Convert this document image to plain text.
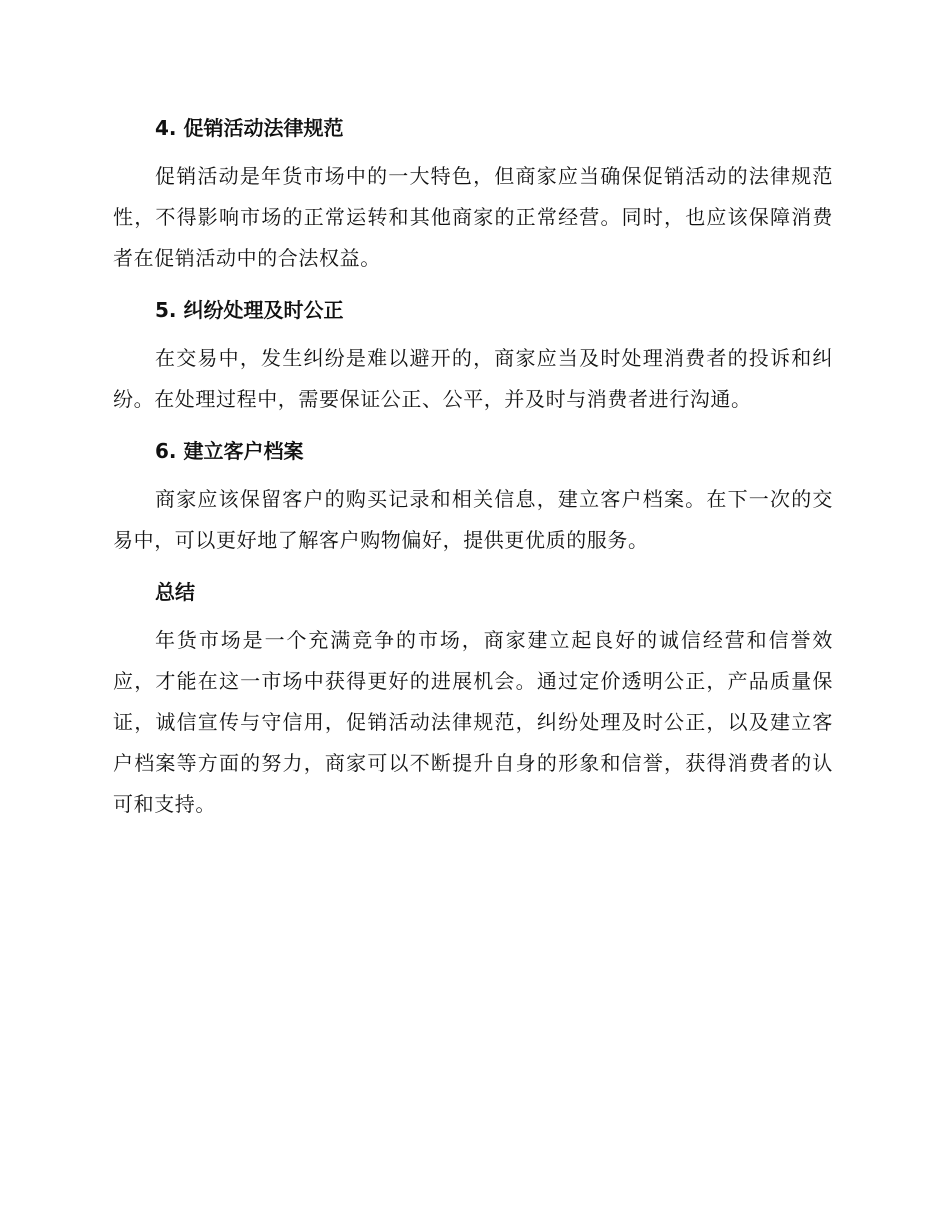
4. 促销活动法律规范

促销活动是年货市场中的一大特色，但商家应当确保促销活动的法律规范性，不得影响市场的正常运转和其他商家的正常经营。同时，也应该保障消费者在促销活动中的合法权益。

5. 纠纷处理及时公正

在交易中，发生纠纷是难以避开的，商家应当及时处理消费者的投诉和纠纷。在处理过程中，需要保证公正、公平，并及时与消费者进行沟通。

6. 建立客户档案

商家应该保留客户的购买记录和相关信息，建立客户档案。在下一次的交易中，可以更好地了解客户购物偏好，提供更优质的服务。

总结

年货市场是一个充满竞争的市场，商家建立起良好的诚信经营和信誉效应，才能在这一市场中获得更好的进展机会。通过定价透明公正，产品质量保证，诚信宣传与守信用，促销活动法律规范，纠纷处理及时公正，以及建立客户档案等方面的努力，商家可以不断提升自身的形象和信誉，获得消费者的认可和支持。
